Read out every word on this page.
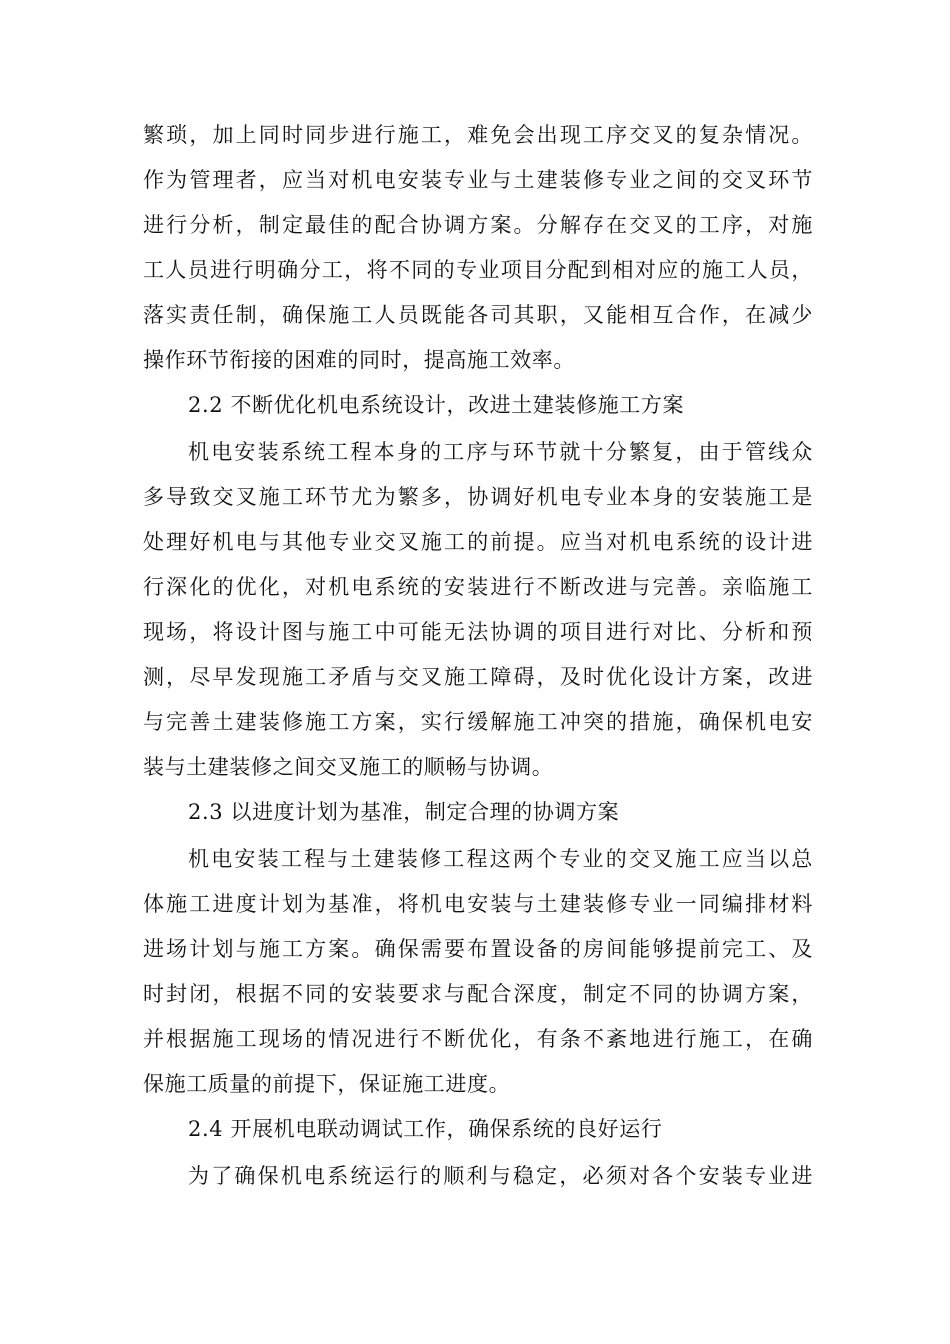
繁琐，加上同时同步进行施工，难免会出现工序交叉的复杂情况。
作为管理者，应当对机电安装专业与土建装修专业之间的交叉环节
进行分析，制定最佳的配合协调方案。分解存在交叉的工序，对施
工人员进行明确分工，将不同的专业项目分配到相对应的施工人员，
落实责任制，确保施工人员既能各司其职，又能相互合作，在减少
操作环节衔接的困难的同时，提高施工效率。
2.2 不断优化机电系统设计，改进土建装修施工方案
机电安装系统工程本身的工序与环节就十分繁复，由于管线众
多导致交叉施工环节尤为繁多，协调好机电专业本身的安装施工是
处理好机电与其他专业交叉施工的前提。应当对机电系统的设计进
行深化的优化，对机电系统的安装进行不断改进与完善。亲临施工
现场，将设计图与施工中可能无法协调的项目进行对比、分析和预
测，尽早发现施工矛盾与交叉施工障碍，及时优化设计方案，改进
与完善土建装修施工方案，实行缓解施工冲突的措施，确保机电安
装与土建装修之间交叉施工的顺畅与协调。
2.3 以进度计划为基准，制定合理的协调方案
机电安装工程与土建装修工程这两个专业的交叉施工应当以总
体施工进度计划为基准，将机电安装与土建装修专业一同编排材料
进场计划与施工方案。确保需要布置设备的房间能够提前完工、及
时封闭，根据不同的安装要求与配合深度，制定不同的协调方案，
并根据施工现场的情况进行不断优化，有条不紊地进行施工，在确
保施工质量的前提下，保证施工进度。
2.4 开展机电联动调试工作，确保系统的良好运行
为了确保机电系统运行的顺利与稳定，必须对各个安装专业进
